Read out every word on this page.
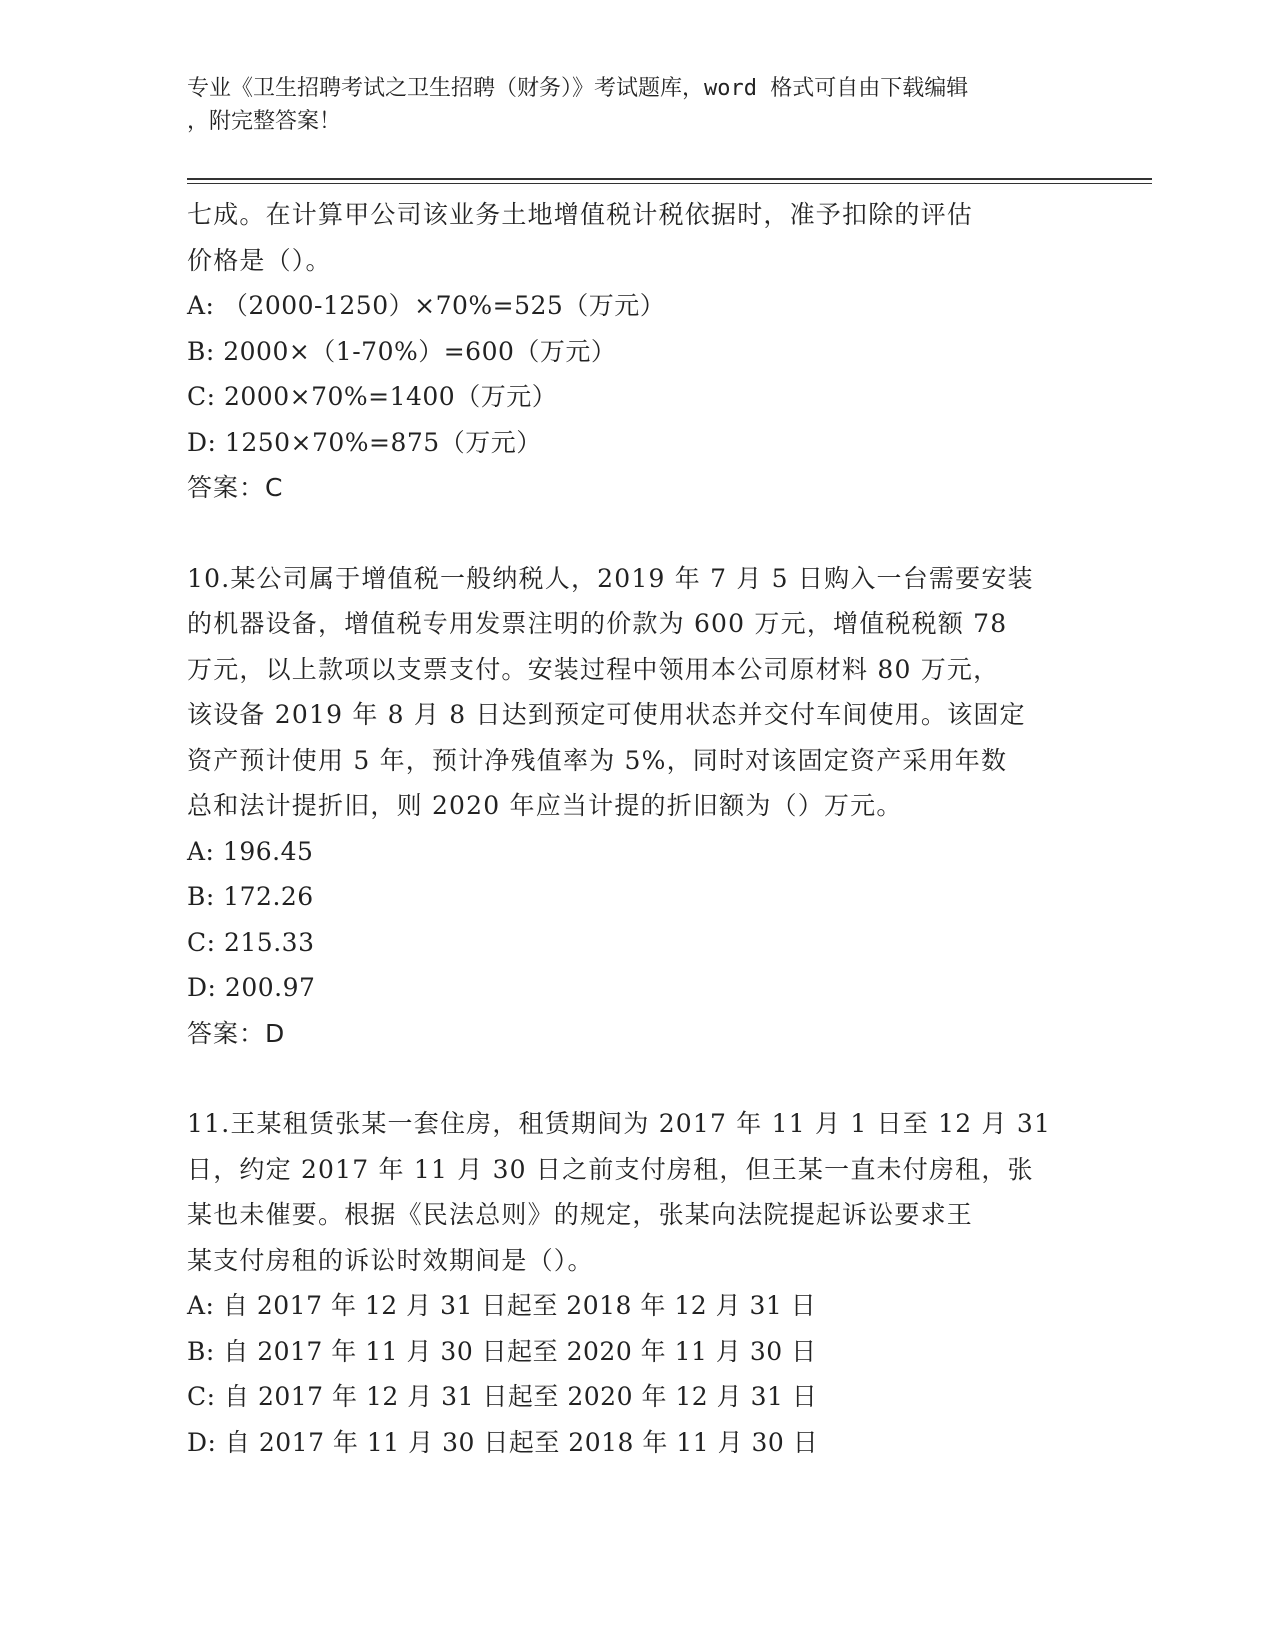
专业《卫生招聘考试之卫生招聘（财务）》考试题库，word 格式可自由下载编辑
，附完整答案！
七成。在计算甲公司该业务土地增值税计税依据时，准予扣除的评估
价格是（）。
A: （2000-1250）×70%=525（万元）
B: 2000×（1-70%）=600（万元）
C: 2000×70%=1400（万元）
D: 1250×70%=875（万元）
答案：C
10.某公司属于增值税一般纳税人，2019 年 7 月 5 日购入一台需要安装
的机器设备，增值税专用发票注明的价款为 600 万元，增值税税额 78
万元，以上款项以支票支付。安装过程中领用本公司原材料 80 万元，
该设备 2019 年 8 月 8 日达到预定可使用状态并交付车间使用。该固定
资产预计使用 5 年，预计净残值率为 5%，同时对该固定资产采用年数
总和法计提折旧，则 2020 年应当计提的折旧额为（）万元。
A: 196.45
B: 172.26
C: 215.33
D: 200.97
答案：D
11.王某租赁张某一套住房，租赁期间为 2017 年 11 月 1 日至 12 月 31
日，约定 2017 年 11 月 30 日之前支付房租，但王某一直未付房租，张
某也未催要。根据《民法总则》的规定，张某向法院提起诉讼要求王
某支付房租的诉讼时效期间是（）。
A: 自 2017 年 12 月 31 日起至 2018 年 12 月 31 日
B: 自 2017 年 11 月 30 日起至 2020 年 11 月 30 日
C: 自 2017 年 12 月 31 日起至 2020 年 12 月 31 日
D: 自 2017 年 11 月 30 日起至 2018 年 11 月 30 日
